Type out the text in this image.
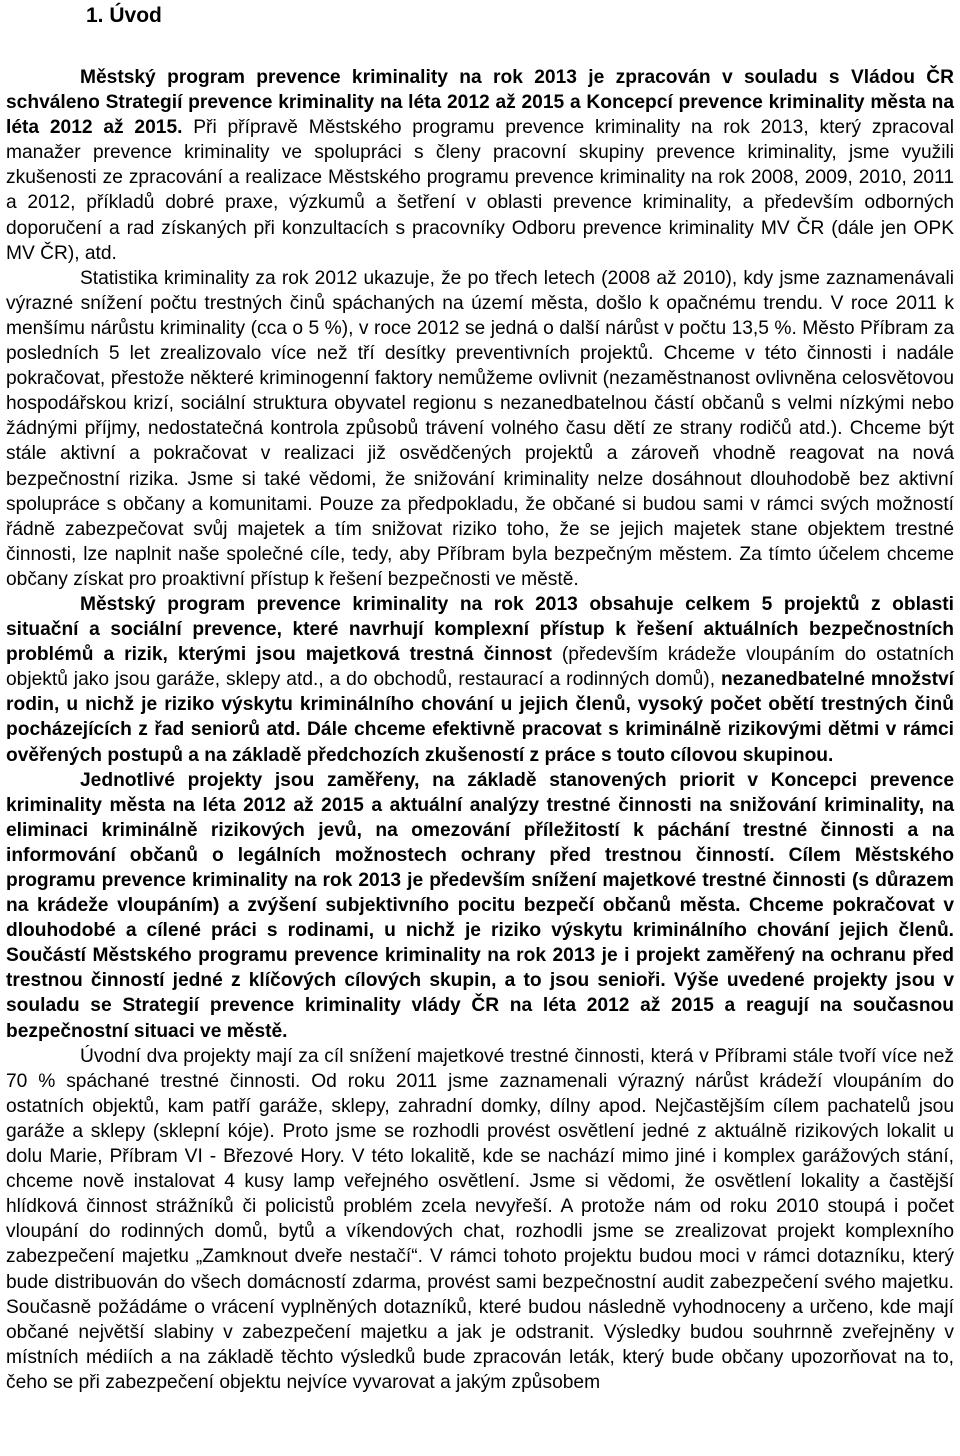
1. Úvod

Městský program prevence kriminality na rok 2013 je zpracován v souladu s Vládou ČR schváleno Strategií prevence kriminality na léta 2012 až 2015 a Koncepcí prevence kriminality města na léta 2012 až 2015. Při přípravě Městského programu prevence kriminality na rok 2013, který zpracoval manažer prevence kriminality ve spolupráci s členy pracovní skupiny prevence kriminality, jsme využili zkušenosti ze zpracování a realizace Městského programu prevence kriminality na rok 2008, 2009, 2010, 2011 a 2012, příkladů dobré praxe, výzkumů a šetření v oblasti prevence kriminality, a především odborných doporučení a rad získaných při konzultacích s pracovníky Odboru prevence kriminality MV ČR (dále jen OPK MV ČR), atd.

Statistika kriminality za rok 2012 ukazuje, že po třech letech (2008 až 2010), kdy jsme zaznamenávali výrazné snížení počtu trestných činů spáchaných na území města, došlo k opačnému trendu. V roce 2011 k menšímu nárůstu kriminality (cca o 5 %), v roce 2012 se jedná o další nárůst v počtu 13,5 %. Město Příbram za posledních 5 let zrealizovalo více než tří desítky preventivních projektů. Chceme v této činnosti i nadále pokračovat, přestože některé kriminogenní faktory nemůžeme ovlivnit (nezaměstnanost ovlivněna celosvětovou hospodářskou krizí, sociální struktura obyvatel regionu s nezanedbatelnou částí občanů s velmi nízkými nebo žádnými příjmy, nedostatečná kontrola způsobů trávení volného času dětí ze strany rodičů atd.). Chceme být stále aktivní a pokračovat v realizaci již osvědčených projektů a zároveň vhodně reagovat na nová bezpečnostní rizika. Jsme si také vědomi, že snižování kriminality nelze dosáhnout dlouhodobě bez aktivní spolupráce s občany a komunitami. Pouze za předpokladu, že občané si budou sami v rámci svých možností řádně zabezpečovat svůj majetek a tím snižovat riziko toho, že se jejich majetek stane objektem trestné činnosti, lze naplnit naše společné cíle, tedy, aby Příbram byla bezpečným městem. Za tímto účelem chceme občany získat pro proaktivní přístup k řešení bezpečnosti ve městě.

Městský program prevence kriminality na rok 2013 obsahuje celkem 5 projektů z oblasti situační a sociální prevence, které navrhují komplexní přístup k řešení aktuálních bezpečnostních problémů a rizik, kterými jsou majetková trestná činnost (především krádeže vloupáním do ostatních objektů jako jsou garáže, sklepy atd., a do obchodů, restaurací a rodinných domů), nezanedbatelné množství rodin, u nichž je riziko výskytu kriminálního chování u jejich členů, vysoký počet obětí trestných činů pocházejících z řad seniorů atd. Dále chceme efektivně pracovat s kriminálně rizikovými dětmi v rámci ověřených postupů a na základě předchozích zkušeností z práce s touto cílovou skupinou.

Jednotlivé projekty jsou zaměřeny, na základě stanovených priorit v Koncepci prevence kriminality města na léta 2012 až 2015 a aktuální analýzy trestné činnosti na snižování kriminality, na eliminaci kriminálně rizikových jevů, na omezování příležitostí k páchání trestné činnosti a na informování občanů o legálních možnostech ochrany před trestnou činností. Cílem Městského programu prevence kriminality na rok 2013 je především snížení majetkové trestné činnosti (s důrazem na krádeže vloupáním) a zvýšení subjektivního pocitu bezpečí občanů města. Chceme pokračovat v dlouhodobé a cílené práci s rodinami, u nichž je riziko výskytu kriminálního chování jejich členů. Součástí Městského programu prevence kriminality na rok 2013 je i projekt zaměřený na ochranu před trestnou činností jedné z klíčových cílových skupin, a to jsou senioři. Výše uvedené projekty jsou v souladu se Strategií prevence kriminality vlády ČR na léta 2012 až 2015 a reagují na současnou bezpečnostní situaci ve městě.

Úvodní dva projekty mají za cíl snížení majetkové trestné činnosti, která v Příbrami stále tvoří více než 70 % spáchané trestné činnosti. Od roku 2011 jsme zaznamenali výrazný nárůst krádeží vloupáním do ostatních objektů, kam patří garáže, sklepy, zahradní domky, dílny apod. Nejčastějším cílem pachatelů jsou garáže a sklepy (sklepní kóje). Proto jsme se rozhodli provést osvětlení jedné z aktuálně rizikových lokalit u dolu Marie, Příbram VI - Březové Hory. V této lokalitě, kde se nachází mimo jiné i komplex garážových stání, chceme nově instalovat 4 kusy lamp veřejného osvětlení. Jsme si vědomi, že osvětlení lokality a častější hlídková činnost strážníků či policistů problém zcela nevyřeší. A protože nám od roku 2010 stoupá i počet vloupání do rodinných domů, bytů a víkendových chat, rozhodli jsme se zrealizovat projekt komplexního zabezpečení majetku „Zamknout dveře nestačí“. V rámci tohoto projektu budou moci v rámci dotazníku, který bude distribuován do všech domácností zdarma, provést sami bezpečnostní audit zabezpečení svého majetku. Současně požádáme o vrácení vyplněných dotazníků, které budou následně vyhodnoceny a určeno, kde mají občané největší slabiny v zabezpečení majetku a jak je odstranit. Výsledky budou souhrnně zveřejněny v místních médiích a na základě těchto výsledků bude zpracován leták, který bude občany upozorňovat na to, čeho se při zabezpečení objektu nejvíce vyvarovat a jakým způsobem
